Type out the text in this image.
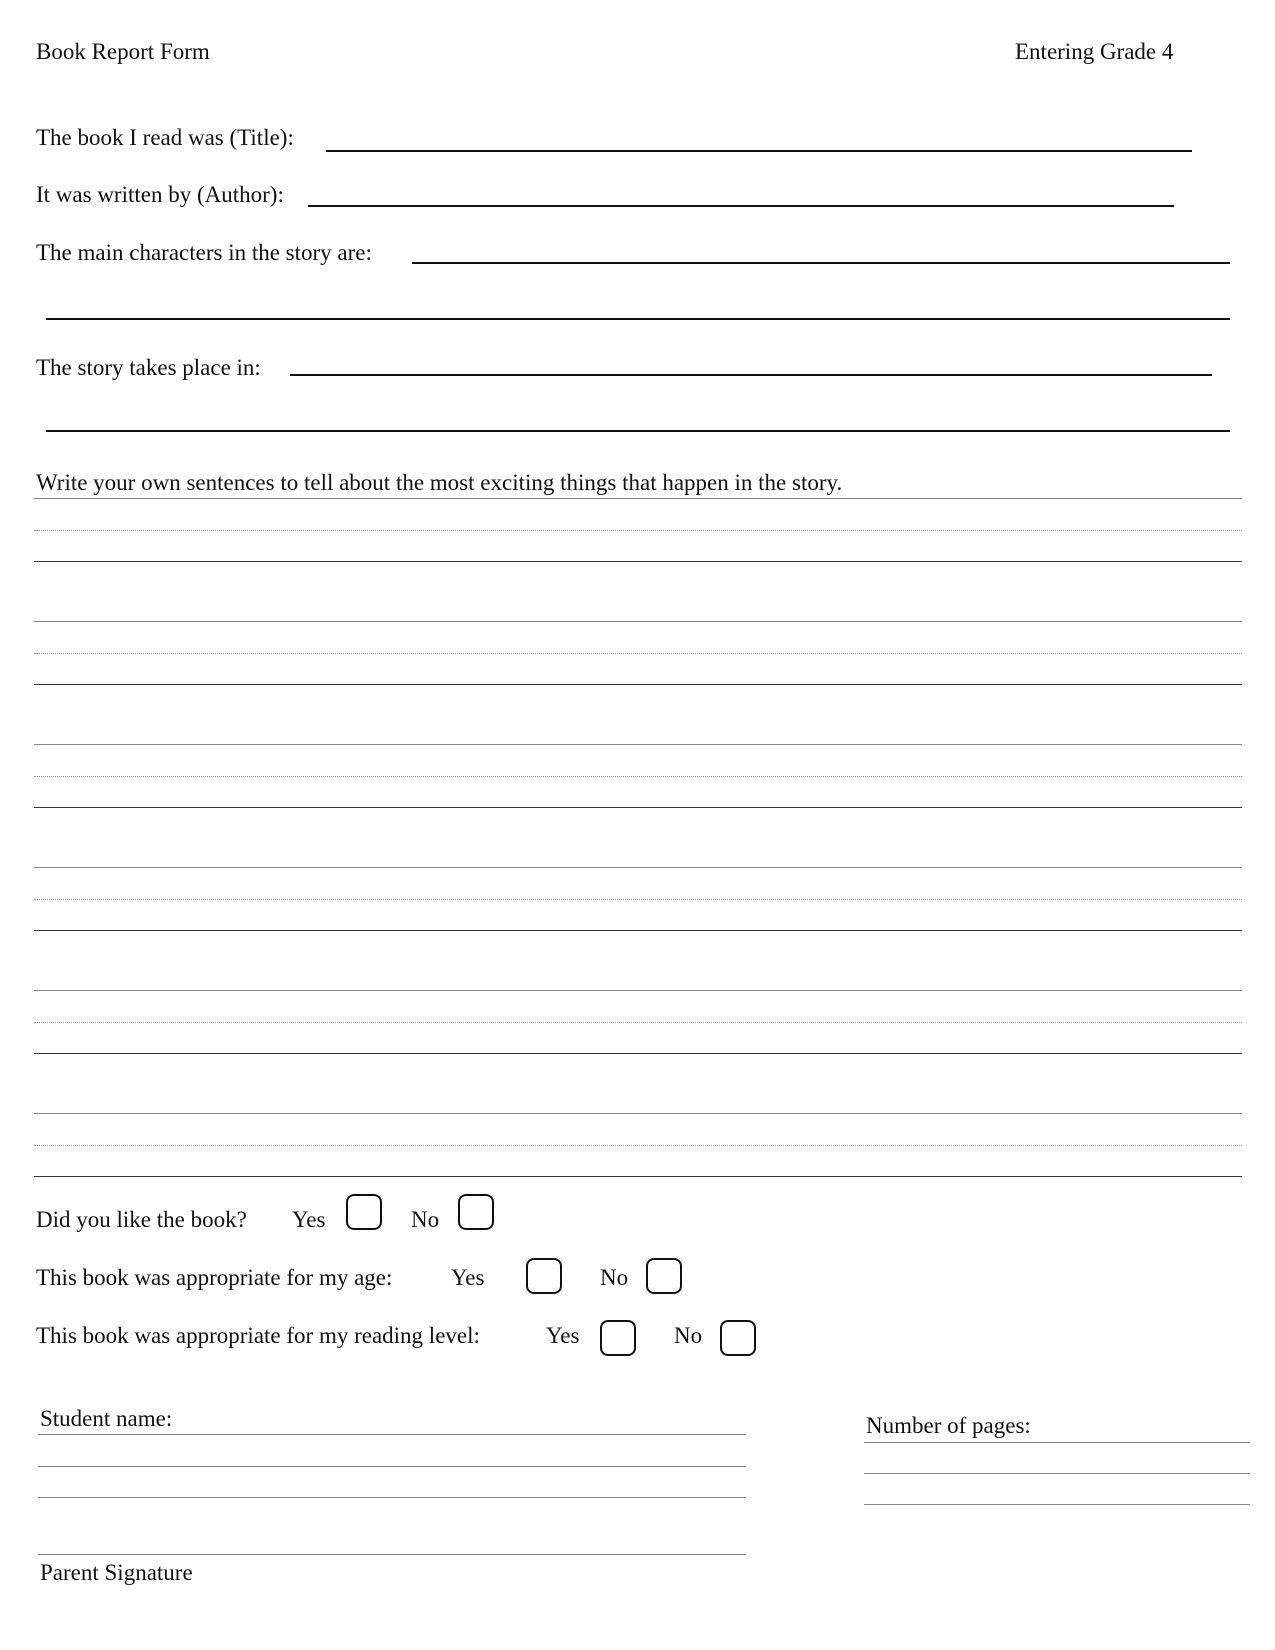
Book Report Form	Entering Grade 4
The book I read was (Title):
It was written by (Author):
The main characters in the story are:
The story takes place in:
Write your own sentences to tell about the most exciting things that happen in the story.
Did you like the book? Yes	No
This book was appropriate for my age:	Yes	No
This book was appropriate for my reading level:	Yes	No
Student name:	Number of pages:
Parent Signature
